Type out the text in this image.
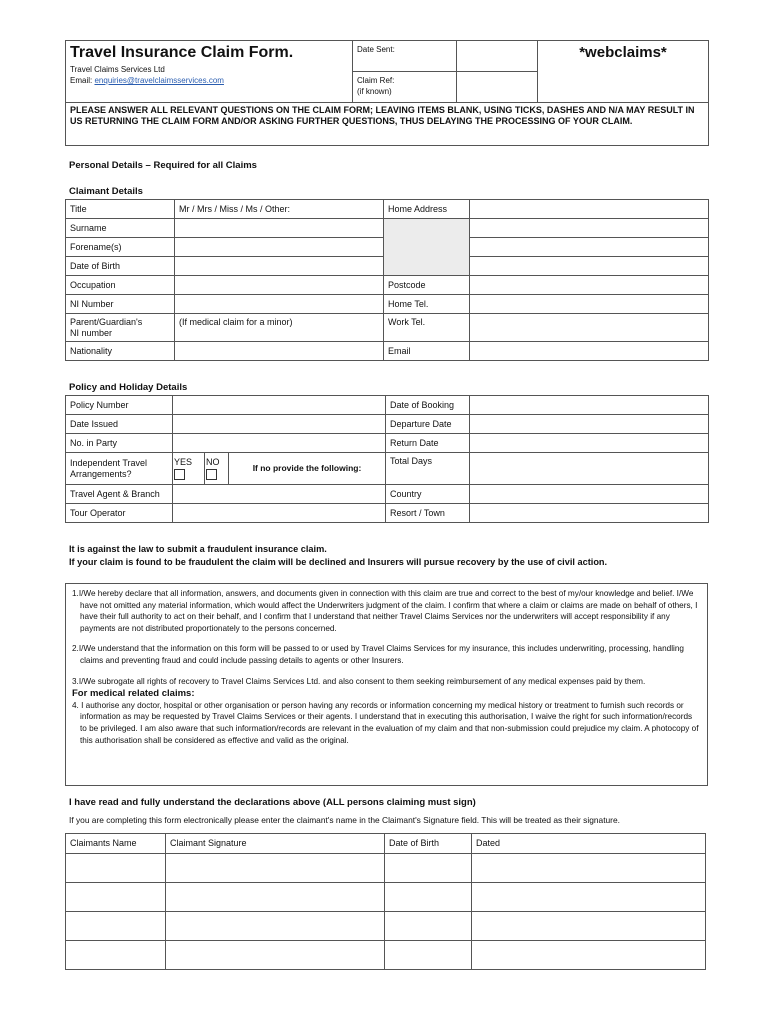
Travel Insurance Claim Form.
Travel Claims Services Ltd
Email: enquiries@travelclaimsservices.com	Date Sent:		*webclaims*

	Claim Ref:
(if known)		

PLEASE ANSWER ALL RELEVANT QUESTIONS ON THE CLAIM FORM; LEAVING ITEMS BLANK, USING TICKS, DASHES AND N/A MAY RESULT IN US RETURNING THE CLAIM FORM AND/OR ASKING FURTHER QUESTIONS, THUS DELAYING THE PROCESSING OF YOUR CLAIM.			
Personal Details – Required for all Claims
Claimant Details
Title	Mr / Mrs / Miss / Ms / Other:	Home Address	
Surname			
Forename(s)			
Date of Birth			
Occupation		Postcode	
NI Number		Home Tel.	

Parent/Guardian's
NI number	(If medical claim for a minor)	Work Tel.	
Nationality		Email	
Policy and Holiday Details
Policy Number				Date of Booking	
Date Issued				Departure Date	
No. in Party				Return Date	

Independent Travel
Arrangements?	YES	NO	If no provide the following:	Total Days	
Travel Agent & Branch				Country	
Tour Operator				Resort / Town	
It is against the law to submit a fraudulent insurance claim.
If your claim is found to be fraudulent the claim will be declined and Insurers will pursue recovery by the use of civil action.

1.I/We hereby declare that all information, answers, and documents given in connection with this claim are true and correct to the best of my/our knowledge and belief. I/We have not omitted any material information, which would affect the Underwriters judgment of the claim. I confirm that where a claim or claims are made on behalf of others, I have their full authority to act on their behalf, and I confirm that I understand that neither Travel Claims Services nor the underwriters will accept responsibility if any payments are not distributed proportionately to the persons concerned.

2.I/We understand that the information on this form will be passed to or used by Travel Claims Services for my insurance, this includes underwriting, processing, handling claims and preventing fraud and could include passing details to agents or other Insurers.

3.I/We subrogate all rights of recovery to Travel Claims Services Ltd. and also consent to them seeking reimbursement of any medical expenses paid by them.

For medical related claims:

4. I authorise any doctor, hospital or other organisation or person having any records or information concerning my medical history or treatment to furnish such records or information as may be requested by Travel Claims Services or their agents. I understand that in executing this authorisation, I waive the right for such information/records to be privileged. I am also aware that such information/records are relevant in the evaluation of my claim and that non-submission could prejudice my claim. A photocopy of this authorisation shall be considered as effective and valid as the original.

I have read and fully understand the declarations above (ALL persons claiming must sign)
If you are completing this form electronically please enter the claimant's name in the Claimant's Signature field. This will be treated as their signature.
Claimants Name	Claimant Signature	Date of Birth	Dated
